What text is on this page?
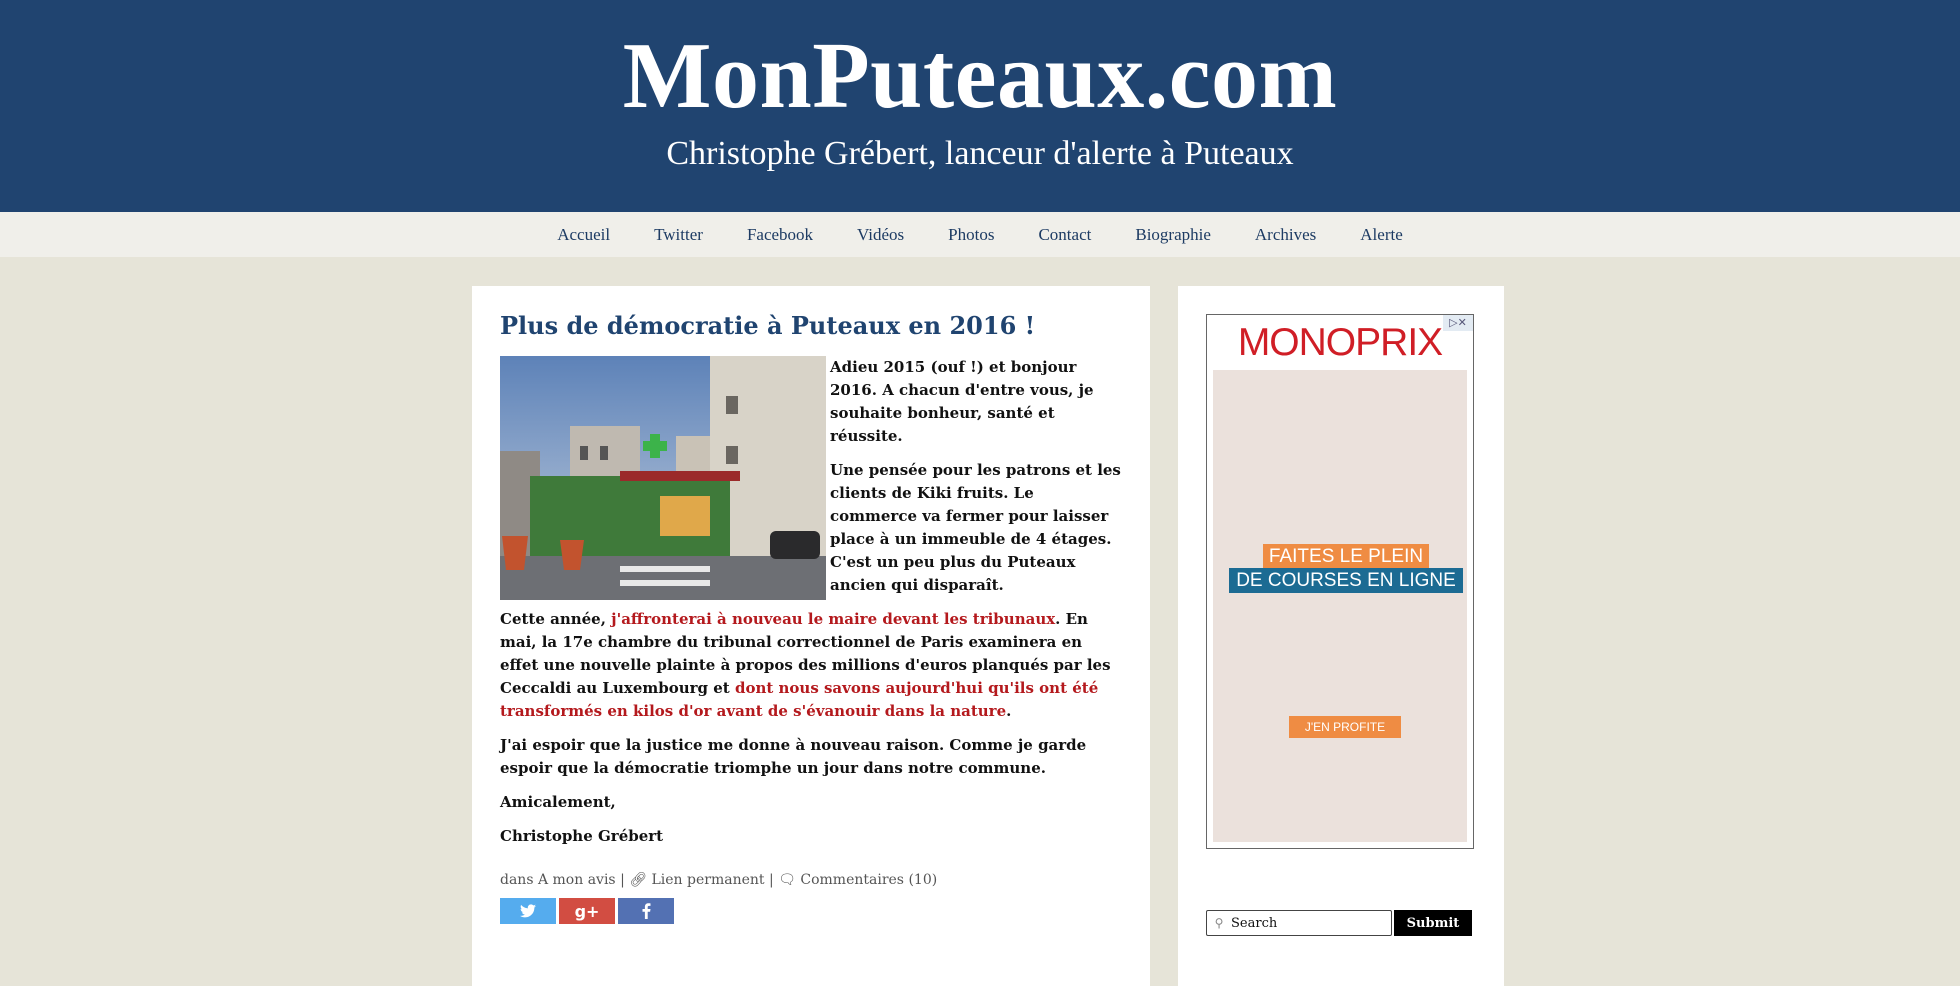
MonPuteaux.com
Christophe Grébert, lanceur d'alerte à Puteaux
Accueil	Twitter	Facebook	Vidéos	Photos	Contact	Biographie	Archives	Alerte
Plus de démocratie à Puteaux en 2016 !

Adieu 2015 (ouf !) et bonjour 2016. A chacun d'entre vous, je souhaite bonheur, santé et réussite.

Une pensée pour les patrons et les clients de Kiki fruits. Le commerce va fermer pour laisser place à un immeuble de 4 étages. C'est un peu plus du Puteaux ancien qui disparaît.

Cette année, j'affronterai à nouveau le maire devant les tribunaux. En mai, la 17e chambre du tribunal correctionnel de Paris examinera en effet une nouvelle plainte à propos des millions d'euros planqués par les Ceccaldi au Luxembourg et dont nous savons aujourd'hui qu'ils ont été transformés en kilos d'or avant de s'évanouir dans la nature.

J'ai espoir que la justice me donne à nouveau raison. Comme je garde espoir que la démocratie triomphe un jour dans notre commune.

Amicalement,

Christophe Grébert

dans A mon avis | 🔗︎ Lien permanent | 🗨︎ Commentaires (10)
g+
▷✕
MONOPRIX
FAITES LE PLEIN
DE COURSES EN LIGNE
J'EN PROFITE
⚲
Search	Submit
